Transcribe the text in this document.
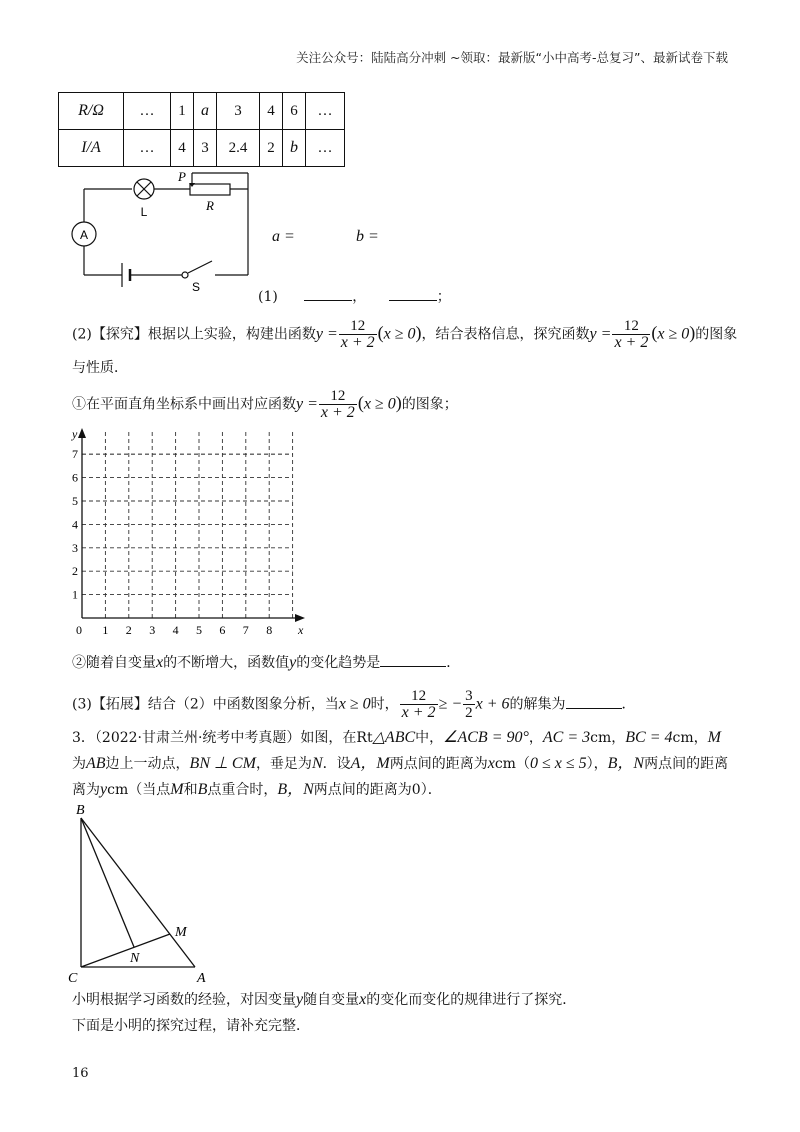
关注公众号：陆陆高分冲刺 ~领取：最新版“小中高考-总复习”、最新试卷下载
R/Ω	…	1	a	3	4	6	…
I/A	…	4	3	2.4	2	b	…
A
L	R
P
S
a =	b =
(1)	，	；
(2)【探究】根据以上实验，构建出函数$y = \frac{12}{x + 2} (x \ge 0)$，结合表格信息，探究函数$y = \frac{12}{x + 2} (x \ge 0)$的图象
与性质．
①在平面直角坐标系中画出对应函数$y = \frac{12}{x + 2} (x \ge 0)$的图象；
y
x
0 1 2 3 4 5 6 7 8
1
2
3
4
5
6
7
②随着自变量x的不断增大，函数值y的变化趋势是	．
(3)【拓展】结合（2）中函数图象分析，当x ≥ 0时， $\frac{12}{x + 2}$ ≥ − $\frac{3}{2}$ x + 6的解集为	．
3．（2022·甘肃兰州·统考中考真题）如图，在Rt△ABC中，∠ACB = 90°，AC = 3cm，BC = 4cm，M
为AB边上一动点，BN ⊥ CM，垂足为N．设A，M两点间的距离为xcm（0 ≤ x ≤ 5），B，N两点间的距离
离为ycm（当点M和B点重合时，B，N两点间的距离为0）．
B
C	A
M
N
小明根据学习函数的经验，对因变量y随自变量x的变化而变化的规律进行了探究．
下面是小明的探究过程，请补充完整．
16
